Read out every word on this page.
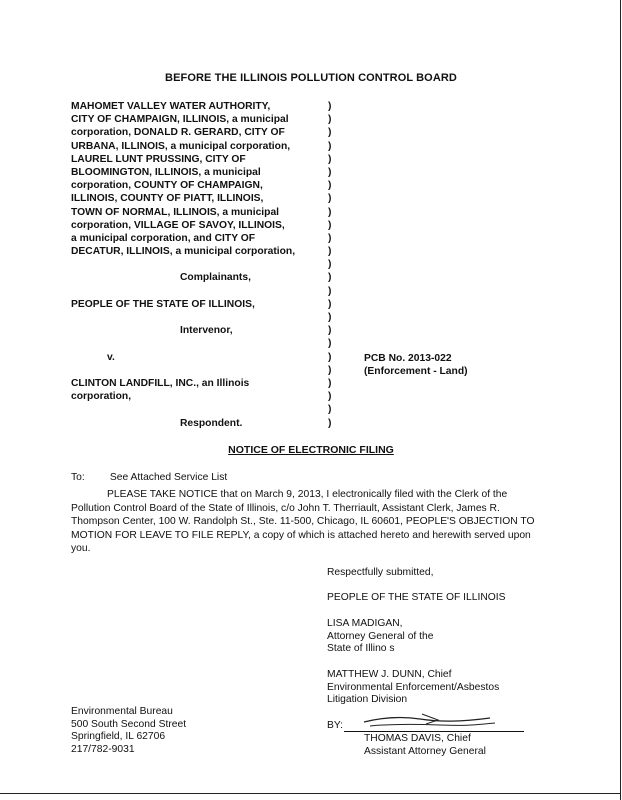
BEFORE THE ILLINOIS POLLUTION CONTROL BOARD
MAHOMET VALLEY WATER AUTHORITY,
CITY OF CHAMPAIGN, ILLINOIS, a municipal
corporation, DONALD R. GERARD, CITY OF
URBANA, ILLINOIS, a municipal corporation,
LAUREL LUNT PRUSSING, CITY OF
BLOOMINGTON, ILLINOIS, a municipal
corporation, COUNTY OF CHAMPAIGN,
ILLINOIS, COUNTY OF PIATT, ILLINOIS,
TOWN OF NORMAL, ILLINOIS, a municipal
corporation, VILLAGE OF SAVOY, ILLINOIS,
a municipal corporation, and CITY OF
DECATUR, ILLINOIS, a municipal corporation,
Complainants,
PEOPLE OF THE STATE OF ILLINOIS,
Intervenor,
v.
CLINTON LANDFILL, INC., an Illinois
corporation,
Respondent.
)
)
)
)
)
)
)
)
)
)
)
)
)
)
)
)
)
)
)
)
)
)
)
)
)
PCB No. 2013-022
(Enforcement - Land)
NOTICE OF ELECTRONIC FILING
To: See Attached Service List
PLEASE TAKE NOTICE that on March 9, 2013, I electronically filed with the Clerk of the Pollution Control Board of the State of Illinois, c/o John T. Therriault, Assistant Clerk, James R. Thompson Center, 100 W. Randolph St., Ste. 11-500, Chicago, IL 60601, PEOPLE'S OBJECTION TO MOTION FOR LEAVE TO FILE REPLY, a copy of which is attached hereto and herewith served upon you.
Respectfully submitted,
PEOPLE OF THE STATE OF ILLINOIS
LISA MADIGAN,
Attorney General of the
State of Illino s
MATTHEW J. DUNN, Chief
Environmental Enforcement/Asbestos
Litigation Division
Environmental Bureau
500 South Second Street
Springfield, IL 62706
217/782-9031
BY:
THOMAS DAVIS, Chief
Assistant Attorney General
